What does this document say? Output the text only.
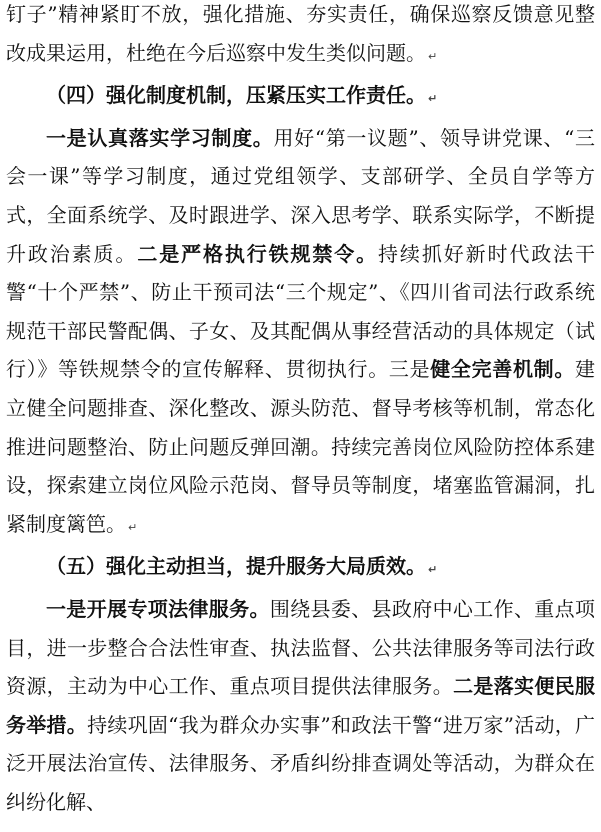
钉子”精神紧盯不放，强化措施、夯实责任，确保巡察反馈意见整改成果运用，杜绝在今后巡察中发生类似问题。 ↵

（四）强化制度机制，压紧压实工作责任。 ↵

一是认真落实学习制度。用好“第一议题”、领导讲党课、“三会一课”等学习制度，通过党组领学、支部研学、全员自学等方式，全面系统学、及时跟进学、深入思考学、联系实际学，不断提升政治素质。二是严格执行铁规禁令。持续抓好新时代政法干警“十个严禁”、防止干预司法“三个规定”、《四川省司法行政系统规范干部民警配偶、子女、及其配偶从事经营活动的具体规定（试行）》等铁规禁令的宣传解释、贯彻执行。三是健全完善机制。建立健全问题排查、深化整改、源头防范、督导考核等机制，常态化推进问题整治、防止问题反弹回潮。持续完善岗位风险防控体系建设，探索建立岗位风险示范岗、督导员等制度，堵塞监管漏洞，扎紧制度篱笆。 ↵

（五）强化主动担当，提升服务大局质效。 ↵

一是开展专项法律服务。围绕县委、县政府中心工作、重点项目，进一步整合合法性审查、执法监督、公共法律服务等司法行政资源，主动为中心工作、重点项目提供法律服务。二是落实便民服务举措。持续巩固“我为群众办实事”和政法干警“进万家”活动，广泛开展法治宣传、法律服务、矛盾纠纷排查调处等活动，为群众在纠纷化解、
